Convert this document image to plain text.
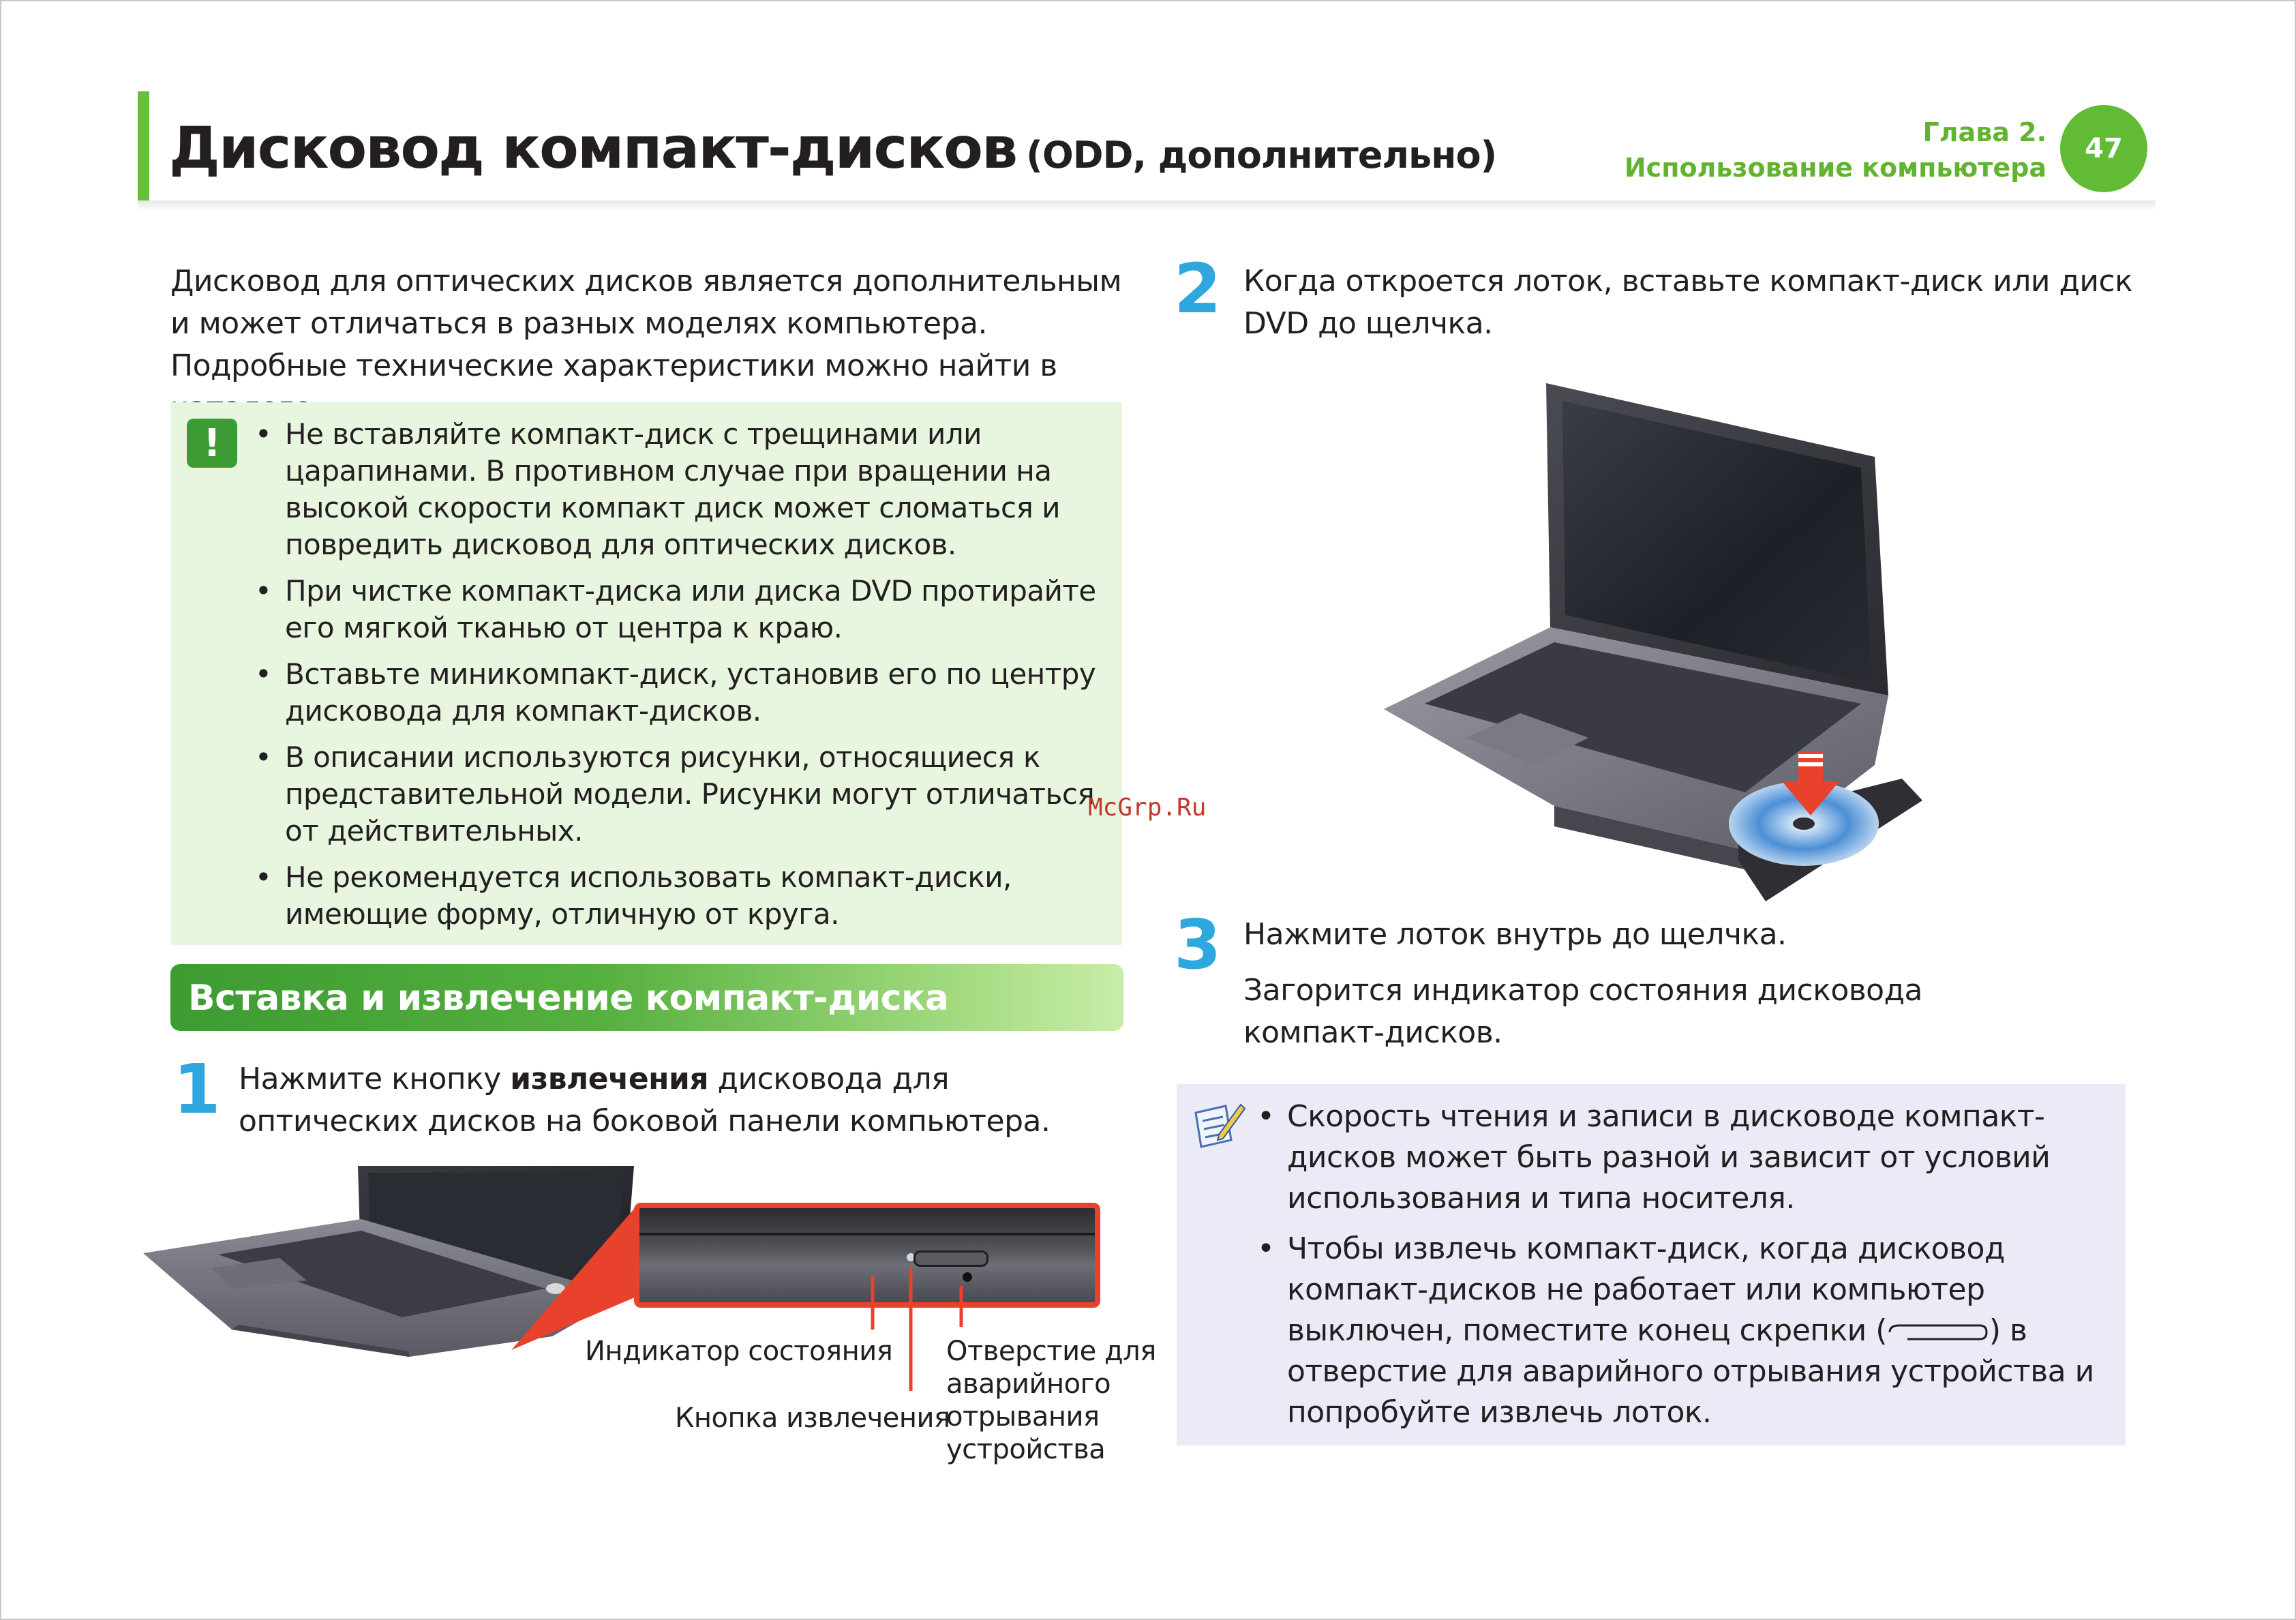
Дисковод компакт-дисков (ODD, дополнительно)
Глава 2.
Использование компьютера
47
Дисковод для оптических дисков является дополнительным и может отличаться в разных моделях компьютера. Подробные технические характеристики можно найти в
!
•	Не вставляйте компакт-диск с трещинами или царапинами. В противном случае при вращении на высокой скорости компакт диск может сломаться и повредить дисковод для оптических дисков.
• При чистке компакт-диска или диска DVD протирайте его мягкой тканью от центра к краю.
• Вставьте миникомпакт-диск, установив его по центру дисковода для компакт-дисков.
• В описании используются рисунки, относящиеся к представительной модели. Рисунки могут отличаться от действительных.
• Не рекомендуется использовать компакт-диски, имеющие форму, отличную от круга.
McGrp.Ru
Вставка и извлечение компакт-диска
1 Нажмите кнопку извлечения дисковода для оптических дисков на боковой панели компьютера.
Индикатор состояния
Кнопка извлечения
Отверстие для аварийного отрывания устройства
2 Когда откроется лоток, вставьте компакт-диск или диск DVD до щелчка.
3 Нажмите лоток внутрь до щелчка.
Загорится индикатор состояния дисковода компакт-дисков.
• Скорость чтения и записи в дисководе компакт-дисков может быть разной и зависит от условий использования и типа носителя.
• Чтобы извлечь компакт-диск, когда дисковод компакт-дисков не работает или компьютер выключен, поместите конец скрепки (	) в отверстие для аварийного отрывания устройства и попробуйте извлечь лоток.
